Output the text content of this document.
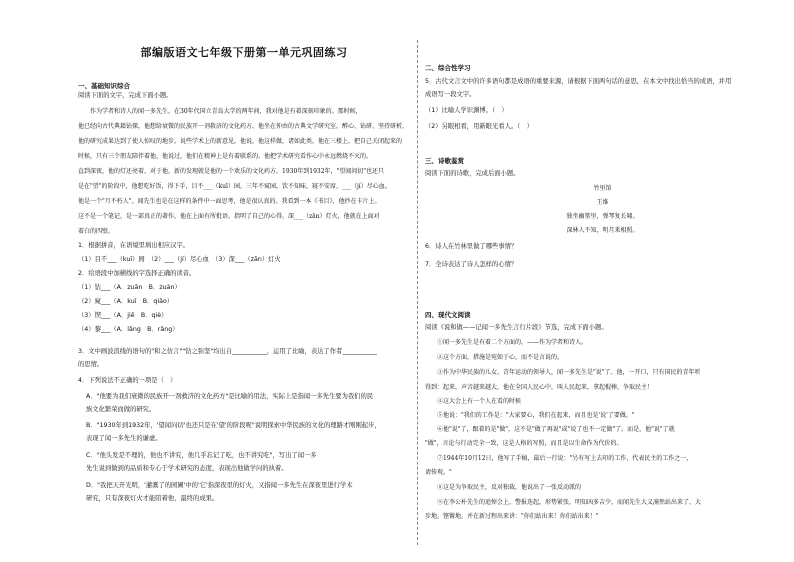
部编版语文七年级下册第一单元巩固练习
一、基础知识综合
阅读下面的文字，完成下面小题。
作为学者和诗人的闻一多先生，在30年代国立青岛大学的两年间，我对他是有着深刻印象的。那时候，
他已经向古代典籍钻探，他想给衰微的民族开一剂救济的文化药方。他坐在仲由的古典文学研究室，醉心、钻研、坚持研析，
他的研究成果达到了使人惊叹的地步，说些学术上的新意见，他说，他这样做，诸如此类，他在三楼上，把自己关闭起来的
时候，只有三个朋友陪伴着他，他说过，他们在精神上是有着联系的。他把学术研究看作心中永远燃烧不灭的。
直到深夜，他的灯还亮着，对于他，新的发现就是他的一个欢乐的文化药方。1930年到1932年，"望闻问切"也还只
是在"望"的阶段中，他想吃好饭，得下手，目不___（kuī）园，三年不窥园，饮不知味，寝不安席，___（jí）尽心血。
他是一个"月不朽人"。闻先生也是在这样的条件中一面思考，他是很认真的。我看到一本《书目》，他抄在卡片上。
这不是一个笔记，是一部真正的著作，他在上面有所批语，指明了自己的心得。深___（zān）灯火，他就在上面对
着白的四壁。
1．根据拼音，在语境里填出相应汉字。
（1）目不___（kuī）园　（2）___（jí）尽心血　（3）深___（zān）灯火
2．给语段中加横线的字选择正确的读音。
（1）钻___（A．zuān　B．zuàn）
（2）窥___（A．kuī　B．qiāo）
（3）锲___（A．jiē　B．qiè）
（4）黎___（A．lǎng　B．rǎng）
3．文中画波浪线的语句的"和之仿言""钻之弥坚"均出自___________，运用了比喻，表达了作者___________
的思情。
4．下列说法不正确的一项是（　）
A．"他要为我们衰微的民族开一剂救济的文化药方"是比喻的用法，实际上是指闻一多先生要为我们的民
族文化繁荣而做的研究。
B．"1930年到1932年，'望闻问切'也还只是在'望'的阶段呢"说明探索中华民族的文化的理路才刚刚起步，
表现了闻一多先生的谦虚。
C．"他头发是不理的，他也不讲究，他几乎忘记了吃，也不讲究吃"，写出了闻一多
先生说到做到的品质和专心于学术研究的态度，表现出他做学问的执着。
D．"我把天开光明，'灌溉了的园圃'中的'它'指深夜里的灯火，又指闻一多先生在深夜里进行学术
研究，只有深夜灯火才能陪着他，最终的成果。
二、综合性学习
5．古代文言文中的许多语句都是成语的重要来源，请根据下面两句话的意思，在本文中找出恰当的成语，并用
成语写一段文字。
（1）比喻人学识渊博。（　）
（2）另眼相看，用新眼光看人。（　）
三、诗歌鉴赏
阅读下面的诗歌，完成后面小题。
竹里馆
王维
独坐幽篁里，弹琴复长啸。
深林人不知，明月来相照。
6．诗人在竹林里做了哪些事情？
7．全诗表达了诗人怎样的心情？
四、现代文阅读
阅读《说和做——记闻一多先生言行片段》节选，完成下面小题。
①闻一多先生是有着二个方面的，——作为学者和诗人。
②这个方面，措施是宛如于心，而不是言说的。
③作为中华民族的儿女，青年运动的领导人，闻一多先生是"说"了。他，一开口，只有国民的青年听
得到：起来，声音越来越大，他在全国人民心中，叫人民起来，拿起棍棒，争取民主！
④这大会上有一个人在看的时候
⑤他说："我们的工作是："大家要心，我们在起来，而且也是'说'了要做。"
⑥他"说"了，跟着的是"做"，这不是"做了再说"或"说了也不一定做"了。而是，他"说"了就
"做"，言论与行动完全一致，这是人格的写照，而且是以生命作为代价的。
⑦1944年10月12日，他写了手稿，最后一行说："另有写上去印的工作，代表民主的工作之一，
请传观。"
⑧这是为争取民主，反对独裁，他说出了一张反动派的
⑨在李公朴先生的追悼会上，警报迭起，形势紧张，明知凶多吉少，而闻先生大义凛然站出来了，大
步地，铿锵地，并在新过程出来讲："你们站出来！你们站出来！"
